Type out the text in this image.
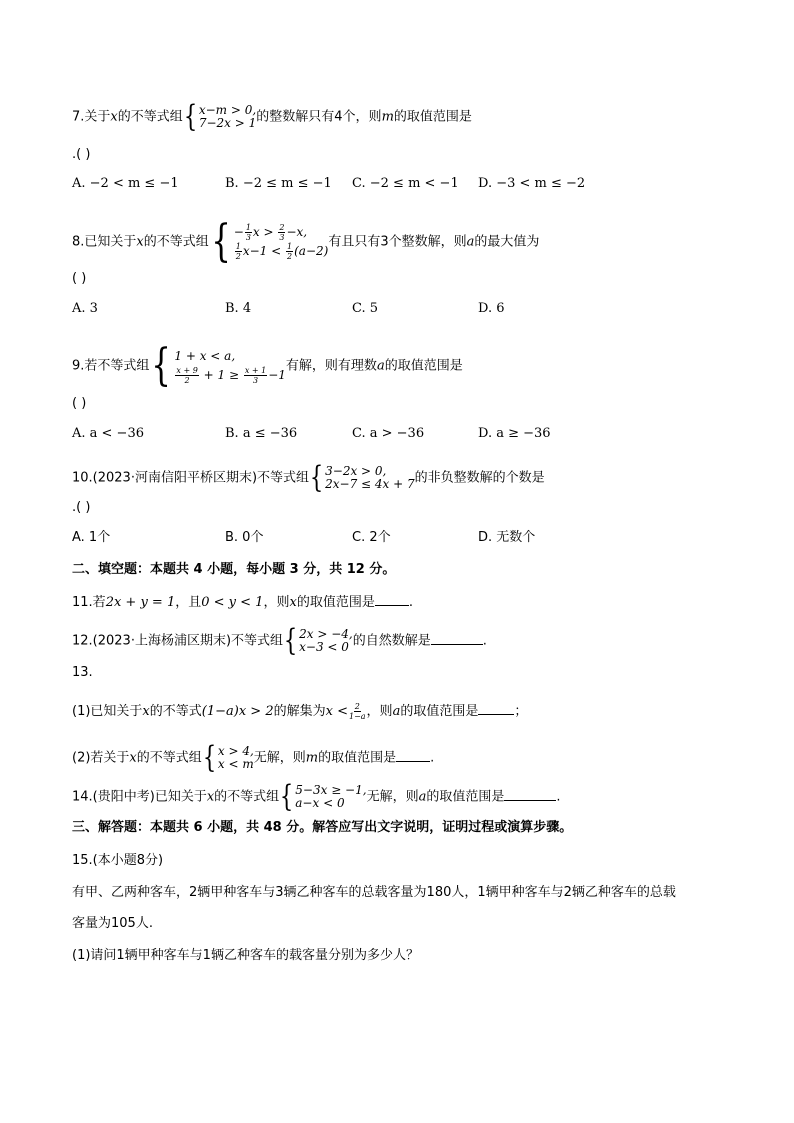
7.关于x的不等式组 { x−m > 0,
7−2x > 1 的整数解只有4个，则m的取值范围是
.( )
A. −2 < m ≤ −1	B. −2 ≤ m ≤ −1 C. −2 ≤ m < −1 D. −3 < m ≤ −2
8.已知关于x的不等式组 { − $\frac{1}{3}$ $x > \frac{2}{3} -x$,
$\frac{1}{2} x-1 < \frac{1}{2} (a-2)$
有且只有3个整数解，则a的最大值为
( )
A. 3	B. 4	C. 5	D. 6
9.若不等式组 { 1 + x < a,
$\frac{x + 9}{2} + 1 \ge \frac{x + 1}{3} -1$
有解，则有理数a的取值范围是
( )
A. a < −36	B. a ≤ −36	C. a > −36	D. a ≥ −36
10.(2023·河南信阳平桥区期末)不等式组 { 3−2x > 0,
2x−7 ≤ 4x + 7 的非负整数解的个数是
.( )
A. 1个	B. 0个	C. 2个	D. 无数个
二、填空题：本题共 4 小题，每小题 3 分，共 12 分。
11.若2x + y = 1，且0 < y < 1，则x的取值范围是	.
12.(2023·上海杨浦区期末)不等式组 { 2x > −4,
x−3 < 0 的自然数解是	.
13.
(1)已知关于x的不等式(1−a)x > 2的解集为$x < \frac{2}{1-a}$ ，则a的取值范围是	；
(2)若关于x的不等式组 { x > 4,
x < m 无解，则m的取值范围是	.
14.(贵阳中考)已知关于x的不等式组 { 5−3x ≥ −1,
a−x < 0	无解，则a的取值范围是	.
三、解答题：本题共 6 小题，共 48 分。解答应写出文字说明，证明过程或演算步骤。
15.(本小题8分)
有甲、乙两种客车，2辆甲种客车与3辆乙种客车的总载客量为180人，1辆甲种客车与2辆乙种客车的总载
客量为105人.
(1)请问1辆甲种客车与1辆乙种客车的载客量分别为多少人？
